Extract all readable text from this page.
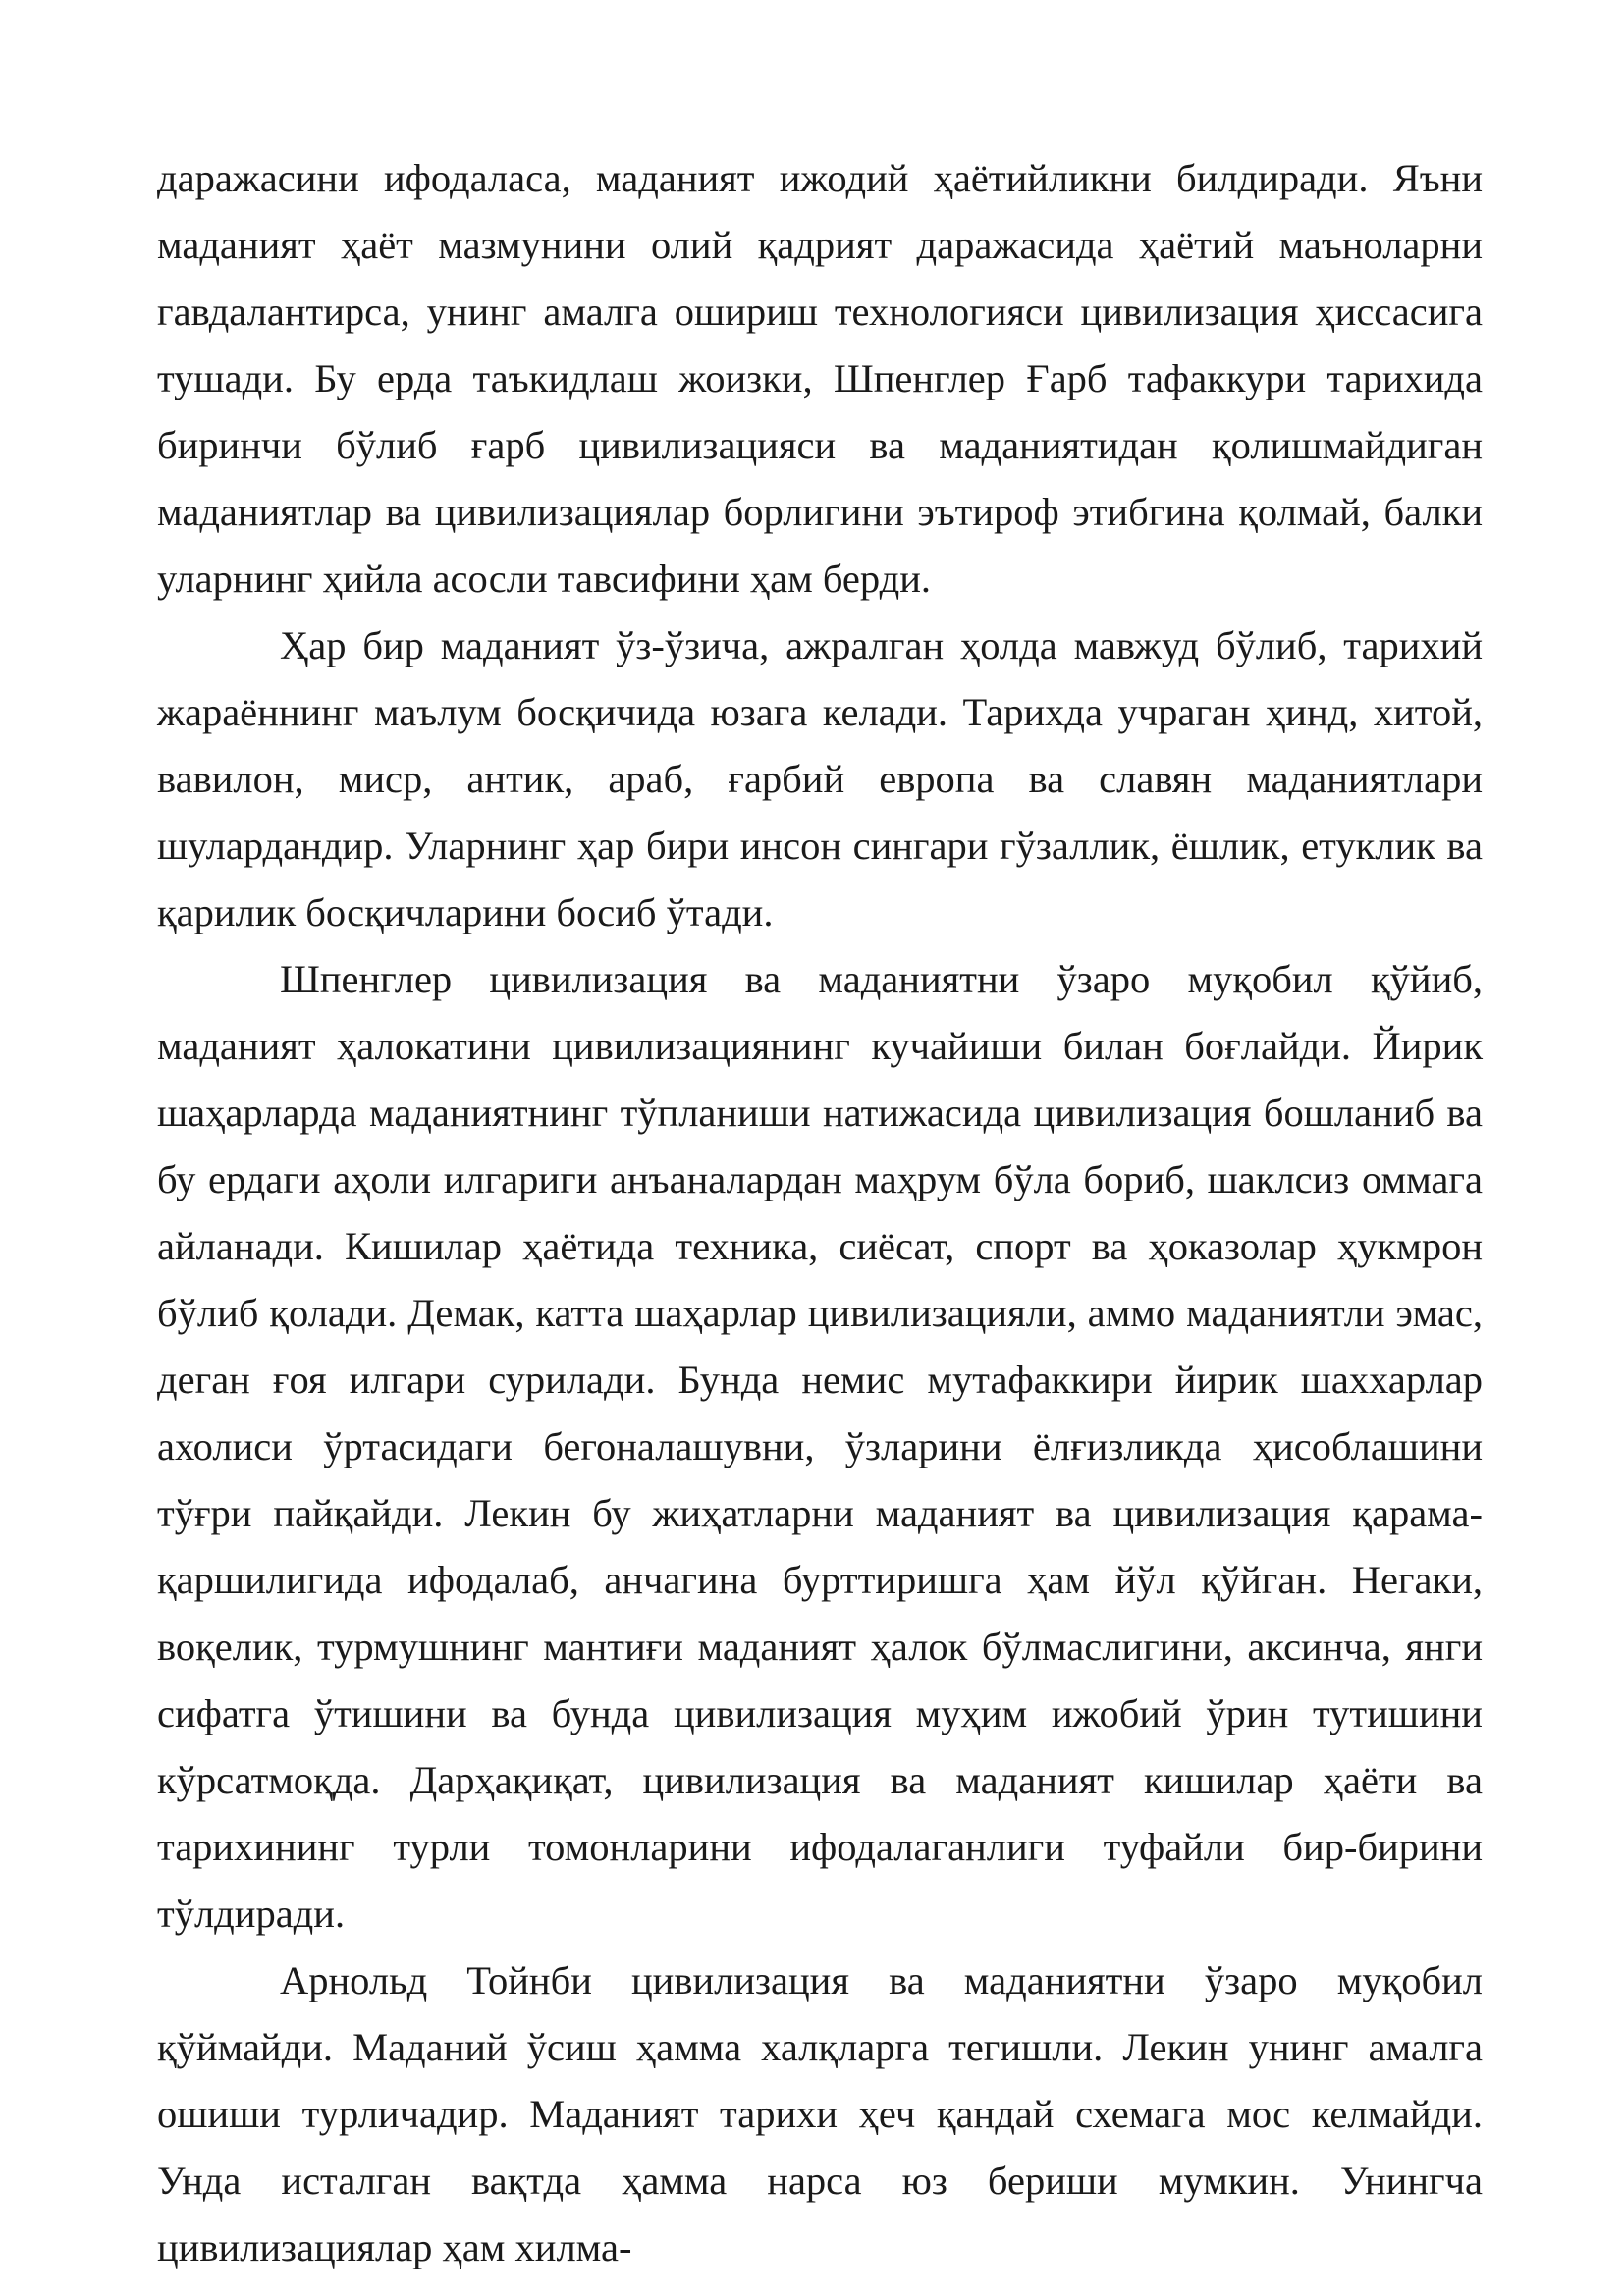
даражасини ифодаласа, маданият ижодий ҳаётийликни билдиради. Яъни маданият ҳаёт мазмунини олий қадрият даражасида ҳаётий маъноларни гавдалантирса, унинг амалга ошириш технологияси цивилизация ҳиссасига тушади. Бу ерда таъкидлаш жоизки, Шпенглер Ғарб тафаккури тарихида биринчи бўлиб ғарб цивилизацияси ва маданиятидан қолишмайдиган маданиятлар ва цивилизациялар борлигини эътироф этибгина қолмай, балки уларнинг ҳийла асосли тавсифини ҳам берди.

Ҳар бир маданият ўз-ўзича, ажралган ҳолда мавжуд бўлиб, тарихий жараённинг маълум босқичида юзага келади. Тарихда учраган ҳинд, хитой, вавилон, миср, антик, араб, ғарбий европа ва славян маданиятлари шулардандир. Уларнинг ҳар бири инсон сингари гўзаллик, ёшлик, етуклик ва қарилик босқичларини босиб ўтади.

Шпенглер цивилизация ва маданиятни ўзаро муқобил қўйиб, маданият ҳалокатини цивилизациянинг кучайиши билан боғлайди. Йирик шаҳарларда маданиятнинг тўпланиши натижасида цивилизация бошланиб ва бу ердаги аҳоли илгариги анъаналардан маҳрум бўла бориб, шаклсиз оммага айланади. Кишилар ҳаётида техника, сиёсат, спорт ва ҳоказолар ҳукмрон бўлиб қолади. Демак, катта шаҳарлар цивилизацияли, аммо маданиятли эмас, деган ғоя илгари сурилади. Бунда немис мутафаккири йирик шаххарлар ахолиси ўртасидаги бегоналашувни, ўзларини ёлғизликда ҳисоблашини тўғри пайқайди. Лекин бу жиҳатларни маданият ва цивилизация қарама-қаршилигида ифодалаб, анчагина бурттиришга ҳам йўл қўйган. Негаки, воқелик, турмушнинг мантиғи маданият ҳалок бўлмаслигини, аксинча, янги сифатга ўтишини ва бунда цивилизация муҳим ижобий ўрин тутишини кўрсатмоқда. Дарҳақиқат, цивилизация ва маданият кишилар ҳаёти ва тарихининг турли томонларини ифодалаганлиги туфайли бир-бирини тўлдиради.

Арнольд Тойнби цивилизация ва маданиятни ўзаро муқобил қўймайди. Маданий ўсиш ҳамма халқларга тегишли. Лекин унинг амалга ошиши турличадир. Маданият тарихи ҳеч қандай схемага мос келмайди. Унда исталган вақтда ҳамма нарса юз бериши мумкин. Унингча цивилизациялар ҳам хилма-
